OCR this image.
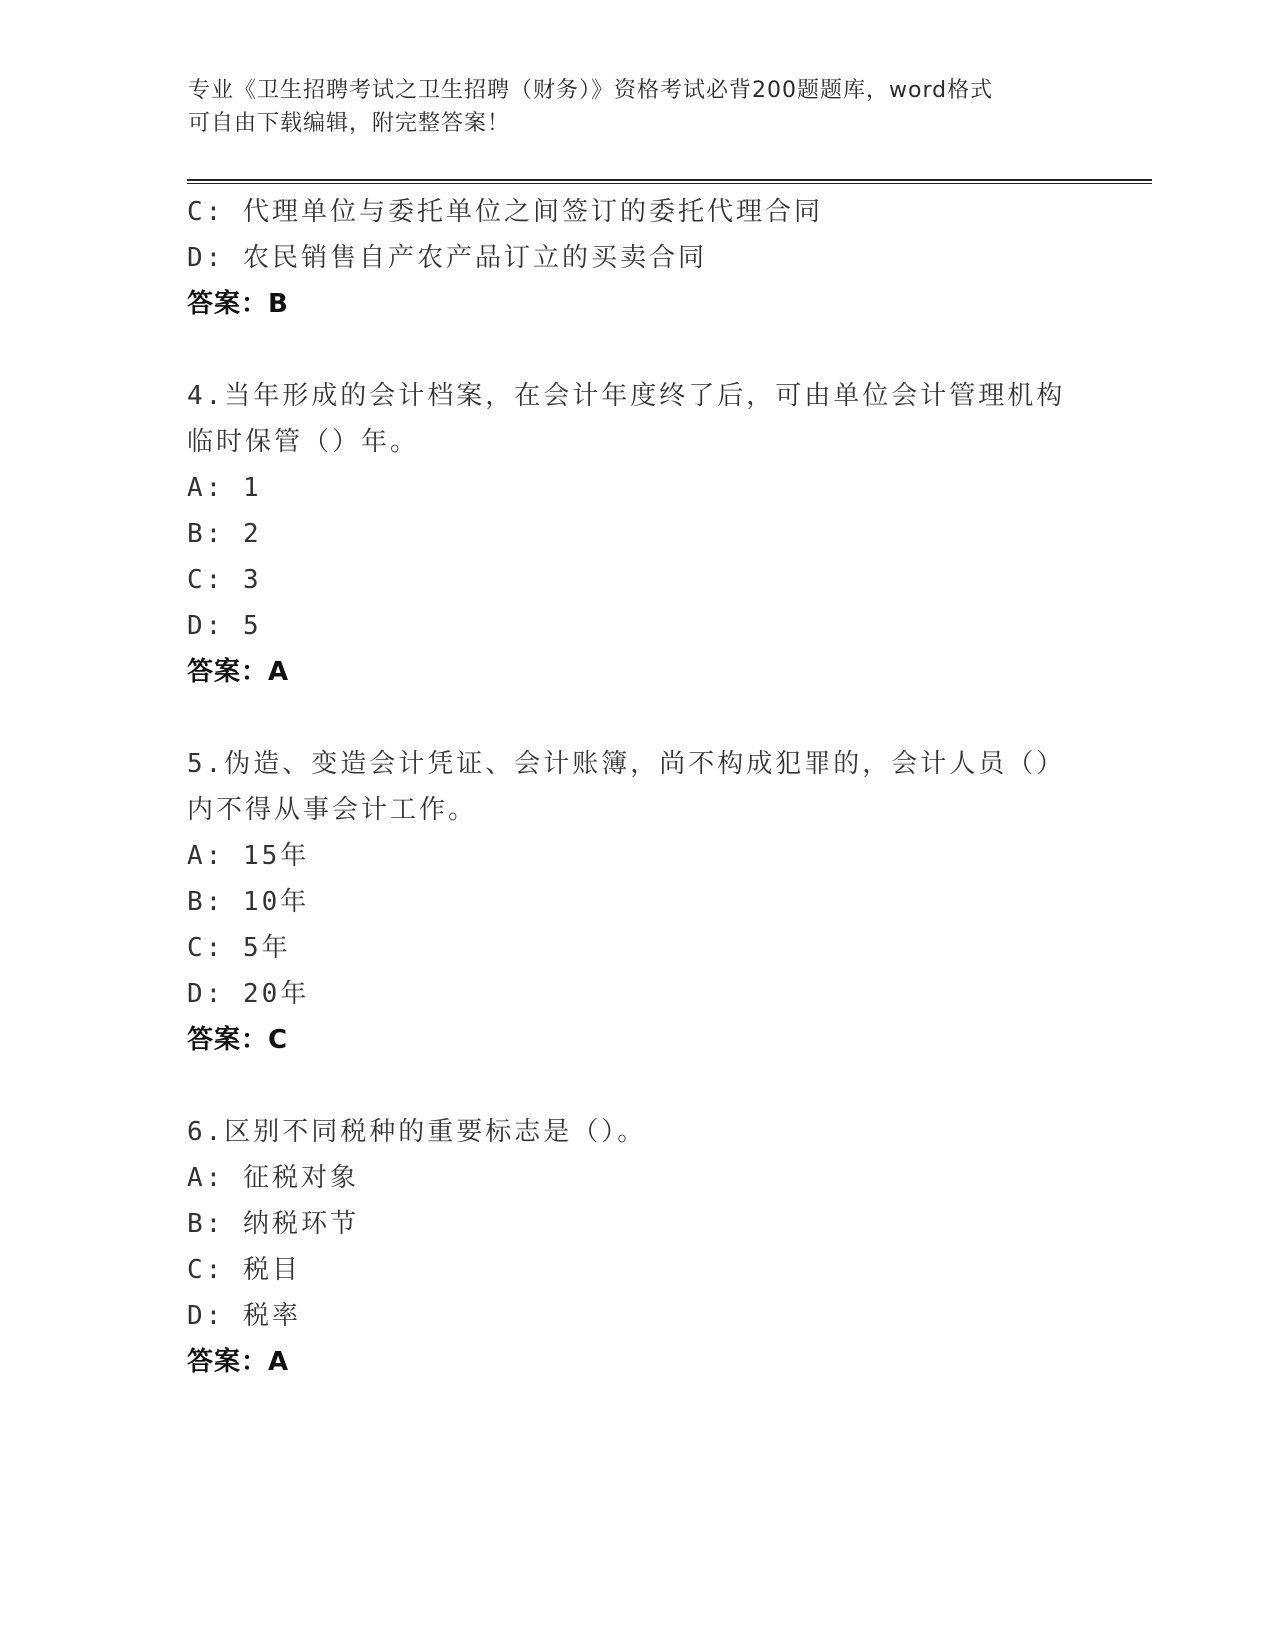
专业《卫生招聘考试之卫生招聘（财务）》资格考试必背200题题库，word格式
可自由下载编辑，附完整答案！
C: 代理单位与委托单位之间签订的委托代理合同
D: 农民销售自产农产品订立的买卖合同
答案：B
4.当年形成的会计档案，在会计年度终了后，可由单位会计管理机构
临时保管（）年。
A: 1
B: 2
C: 3
D: 5
答案：A
5.伪造、变造会计凭证、会计账簿，尚不构成犯罪的，会计人员（）
内不得从事会计工作。
A: 15年
B: 10年
C: 5年
D: 20年
答案：C
6.区别不同税种的重要标志是（）。
A: 征税对象
B: 纳税环节
C: 税目
D: 税率
答案：A
